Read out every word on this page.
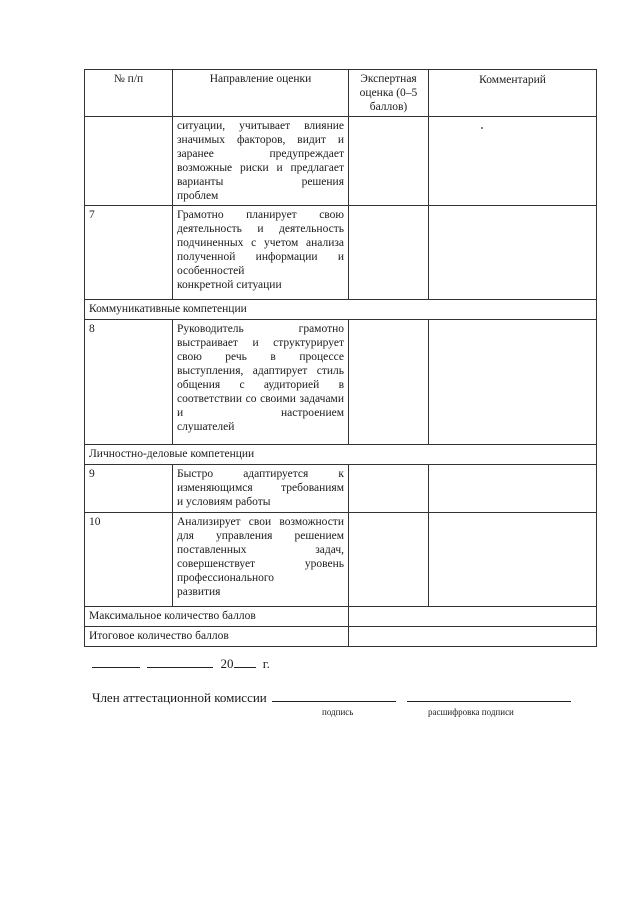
№ п/п	Направление оценки	Экспертная оценка (0–5 баллов)	Комментарий
	ситуации, учитывает влияние значимых факторов, видит и заранее предупреждает возможные риски и предлагает варианты решения
проблем		

7	Грамотно планирует свою деятельность и деятельность подчиненных с учетом анализа полученной информации и особенностей
конкретной ситуации		

Коммуникативные компетенции			
8	Руководитель грамотно выстраивает и структурирует свою речь в процессе выступления, адаптирует стиль общения с аудиторией в соответствии со своими задачами и настроением
слушателей		

Личностно-деловые компетенции			
9	Быстро адаптируется к изменяющимся требованиям
и условиям работы		

10	Анализирует свои возможности для управления решением поставленных задач, совершенствует уровень профессионального
развития		

Максимальное количество баллов			
Итоговое количество баллов			
20 г.
Член аттестационной комиссии
подпись	расшифровка подписи
